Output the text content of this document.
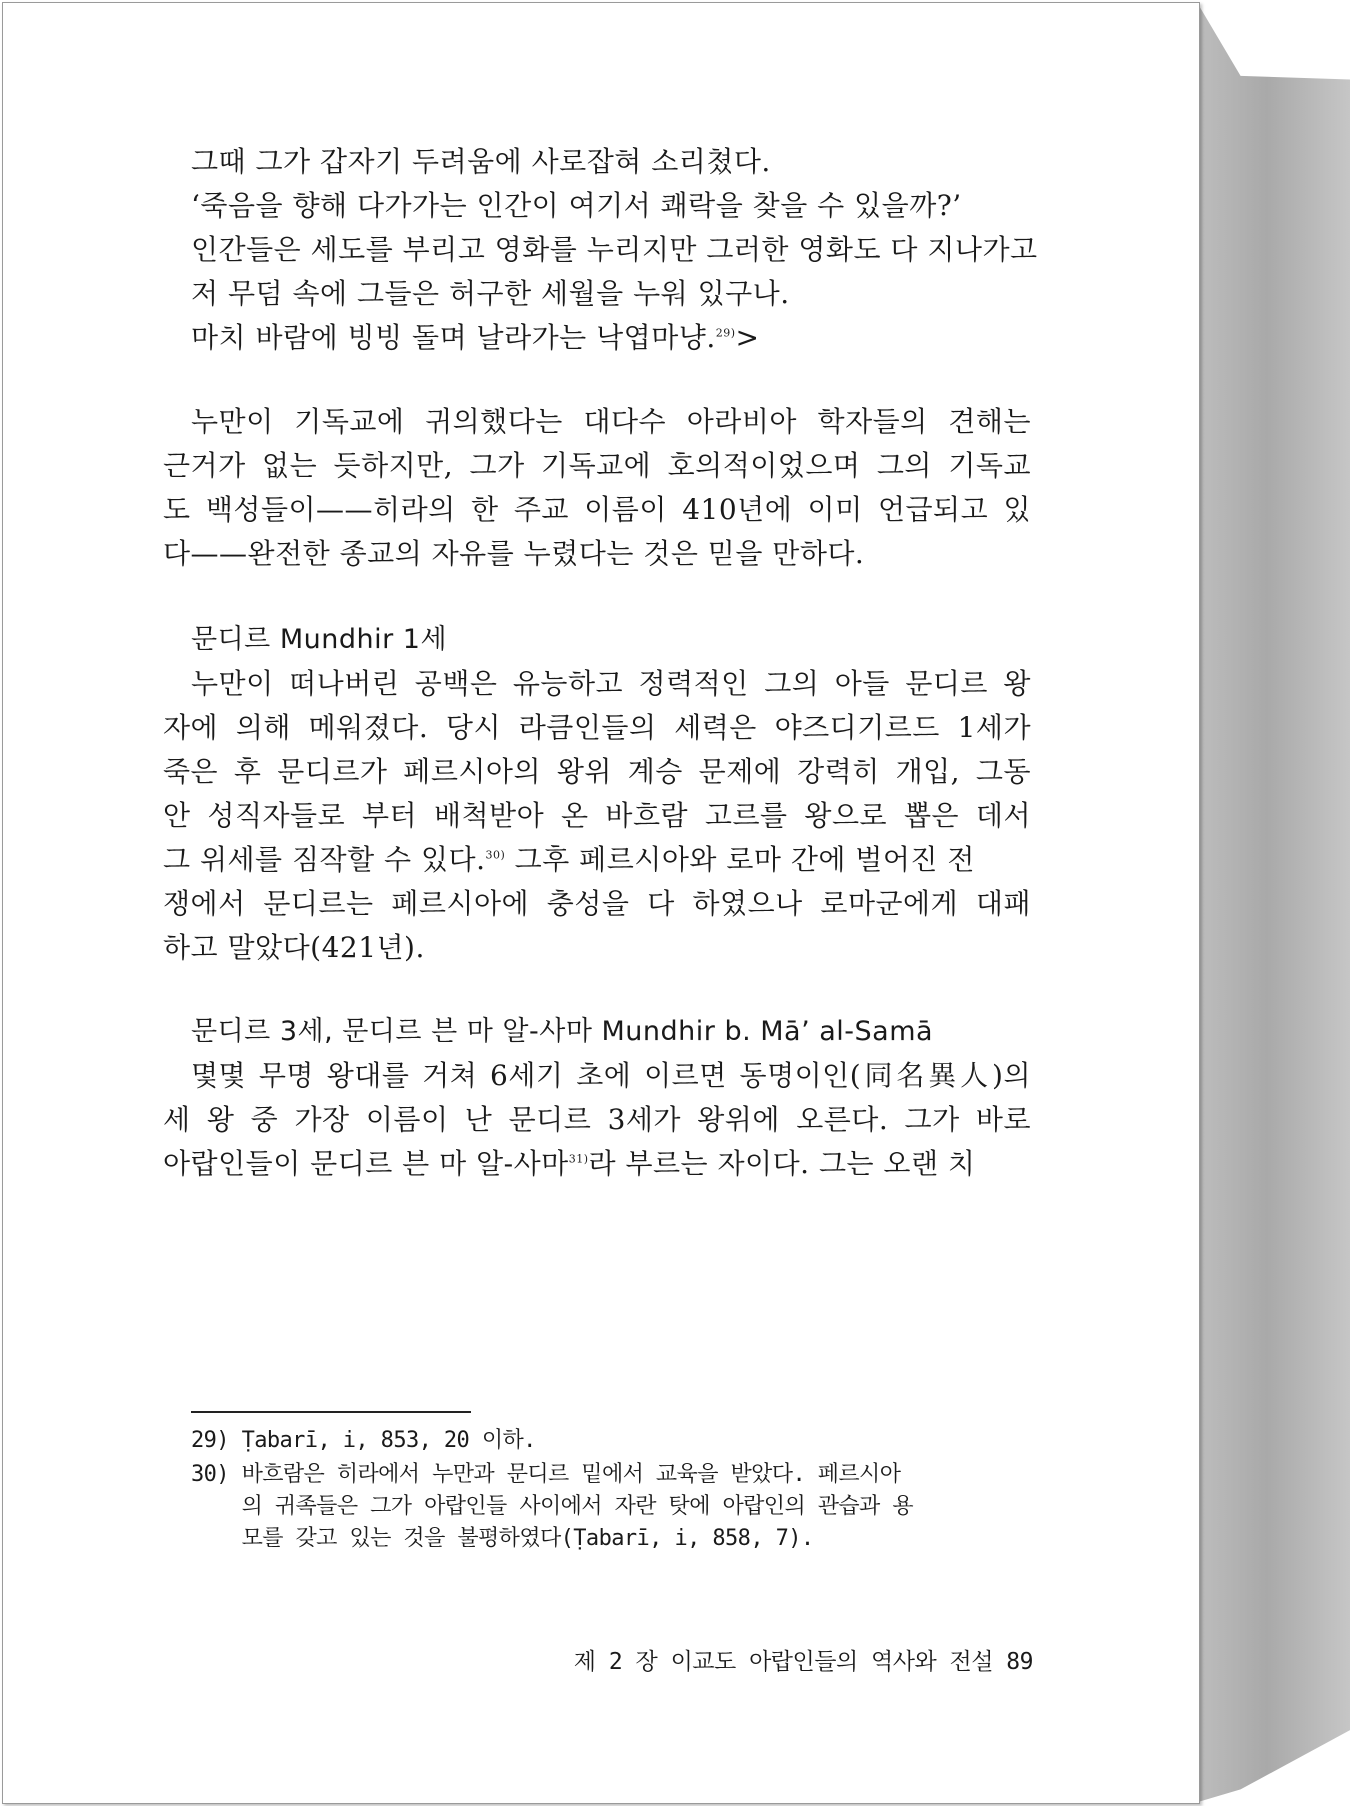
그때 그가 갑자기 두려움에 사로잡혀 소리쳤다.
‘죽음을 향해 다가가는 인간이 여기서 쾌락을 찾을 수 있을까?’
인간들은 세도를 부리고 영화를 누리지만 그러한 영화도 다 지나가고
저 무덤 속에 그들은 허구한 세월을 누워 있구나.
마치 바람에 빙빙 돌며 날라가는 낙엽마냥.$^{29)}$>
누만이 기독교에 귀의했다는 대다수 아라비아 학자들의 견해는
근거가 없는 듯하지만, 그가 기독교에 호의적이었으며 그의 기독교
도 백성들이——히라의 한 주교 이름이 410년에 이미 언급되고 있
다——완전한 종교의 자유를 누렸다는 것은 믿을 만하다.
문디르 Mundhir 1세
누만이 떠나버린 공백은 유능하고 정력적인 그의 아들 문디르 왕
자에 의해 메워졌다. 당시 라큼인들의 세력은 야즈디기르드 1세가
죽은 후 문디르가 페르시아의 왕위 계승 문제에 강력히 개입, 그동
안 성직자들로 부터 배척받아 온 바흐람 고르를 왕으로 뽑은 데서
그 위세를 짐작할 수 있다.$^{30)}$ 그후 페르시아와 로마 간에 벌어진 전
쟁에서 문디르는 페르시아에 충성을 다 하였으나 로마군에게 대패
하고 말았다(421년).
문디르 3세, 문디르 븐 마 알-사마 Mundhir b. Mā’ al-Samā
몇몇 무명 왕대를 거쳐 6세기 초에 이르면 동명이인(同名異人)의
세 왕 중 가장 이름이 난 문디르 3세가 왕위에 오른다. 그가 바로
아랍인들이 문디르 븐 마 알-사마$^{31)}$라 부르는 자이다. 그는 오랜 치
29) Ṭabarī, i, 853, 20 이하.
30) 바흐람은 히라에서 누만과 문디르 밑에서 교육을 받았다. 페르시아
의 귀족들은 그가 아랍인들 사이에서 자란 탓에 아랍인의 관습과 용
모를 갖고 있는 것을 불평하였다(Ṭabarī, i, 858, 7).
제 2 장 이교도 아랍인들의 역사와 전설 89
